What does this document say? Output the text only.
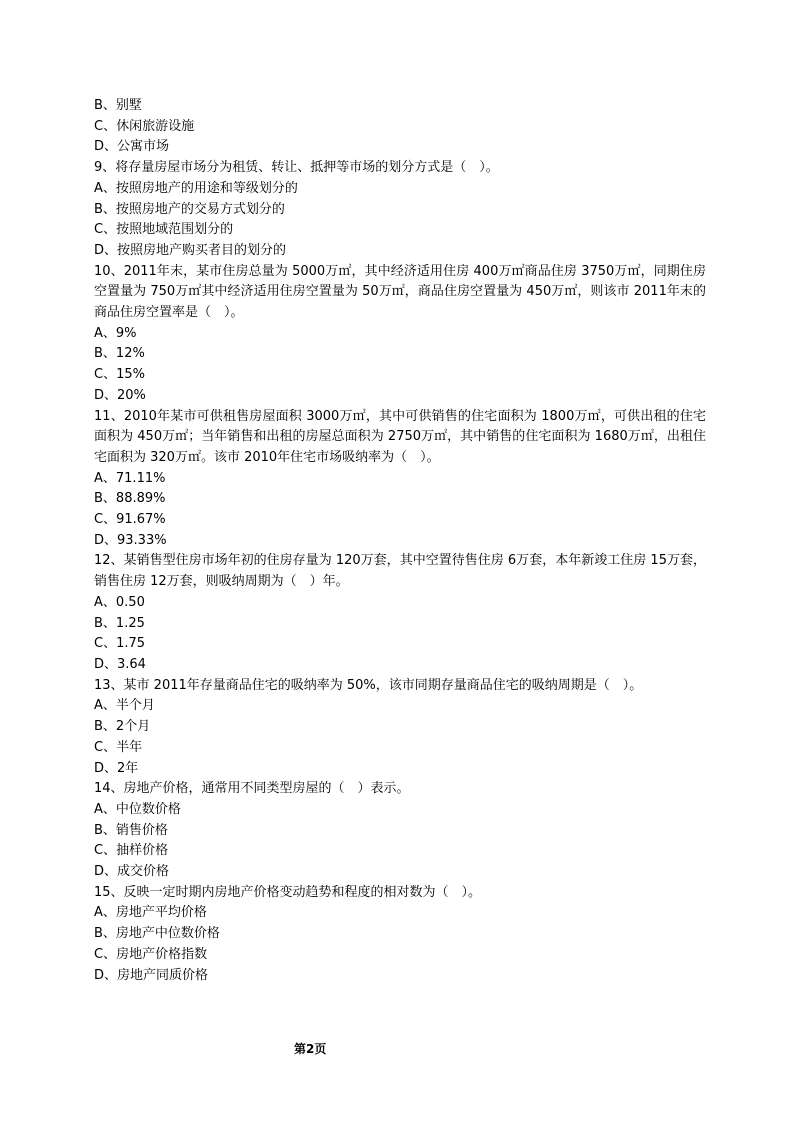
B、别墅
C、休闲旅游设施
D、公寓市场
9、将存量房屋市场分为租赁、转让、抵押等市场的划分方式是（　）。
A、按照房地产的用途和等级划分的
B、按照房地产的交易方式划分的
C、按照地域范围划分的
D、按照房地产购买者目的划分的
10、2011年末，某市住房总量为 5000万㎡，其中经济适用住房 400万㎡商品住房 3750万㎡，同期住房空置量为 750万㎡其中经济适用住房空置量为 50万㎡，商品住房空置量为 450万㎡，则该市 2011年末的商品住房空置率是（　）。
A、9%
B、12%
C、15%
D、20%
11、2010年某市可供租售房屋面积 3000万㎡，其中可供销售的住宅面积为 1800万㎡，可供出租的住宅面积为 450万㎡；当年销售和出租的房屋总面积为 2750万㎡，其中销售的住宅面积为 1680万㎡，出租住宅面积为 320万㎡。该市 2010年住宅市场吸纳率为（　）。
A、71.11%
B、88.89%
C、91.67%
D、93.33%
12、某销售型住房市场年初的住房存量为 120万套，其中空置待售住房 6万套，本年新竣工住房 15万套，销售住房 12万套，则吸纳周期为（　）年。
A、0.50
B、1.25
C、1.75
D、3.64
13、某市 2011年存量商品住宅的吸纳率为 50%，该市同期存量商品住宅的吸纳周期是（　）。
A、半个月
B、2个月
C、半年
D、2年
14、房地产价格，通常用不同类型房屋的（　）表示。
A、中位数价格
B、销售价格
C、抽样价格
D、成交价格
15、反映一定时期内房地产价格变动趋势和程度的相对数为（　）。
A、房地产平均价格
B、房地产中位数价格
C、房地产价格指数
D、房地产同质价格
第2页
